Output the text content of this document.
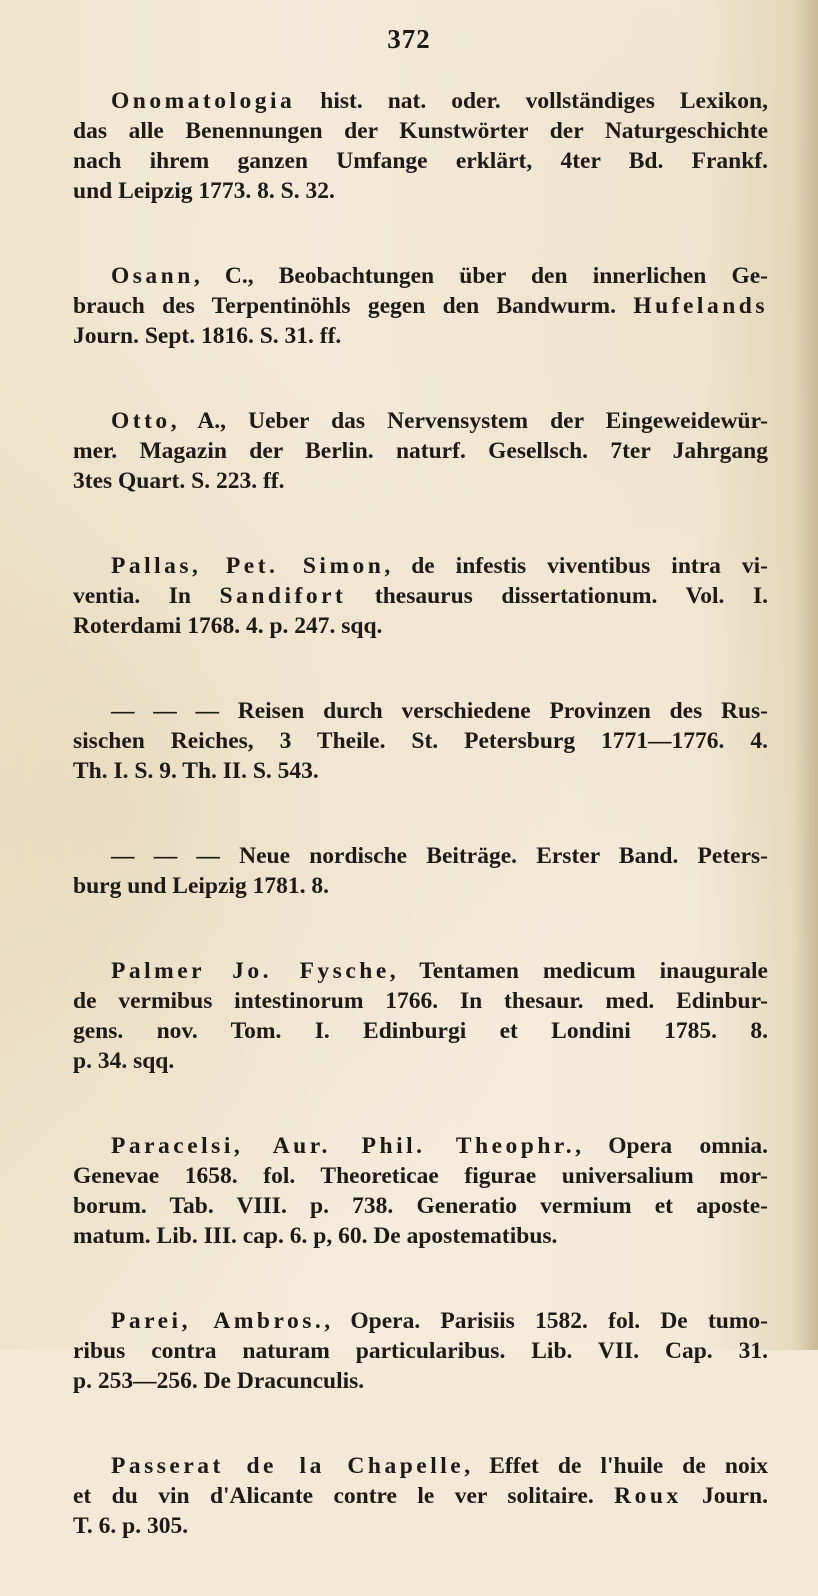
372
Onomatologia hist. nat. oder. vollständiges Lexikon,
das alle Benennungen der Kunstwörter der Naturgeschichte
nach ihrem ganzen Umfange erklärt, 4ter Bd. Frankf.
und Leipzig 1773. 8. S. 32.
Osann, C., Beobachtungen über den innerlichen Ge-
brauch des Terpentinöhls gegen den Bandwurm. Hufelands
Journ. Sept. 1816. S. 31. ff.
Otto, A., Ueber das Nervensystem der Eingeweidewür-
mer. Magazin der Berlin. naturf. Gesellsch. 7ter Jahrgang
3tes Quart. S. 223. ff.
Pallas, Pet. Simon, de infestis viventibus intra vi-
ventia. In Sandifort thesaurus dissertationum. Vol. I.
Roterdami 1768. 4. p. 247. sqq.
— — — Reisen durch verschiedene Provinzen des Rus-
sischen Reiches, 3 Theile. St. Petersburg 1771—1776. 4.
Th. I. S. 9. Th. II. S. 543.
— — — Neue nordische Beiträge. Erster Band. Peters-
burg und Leipzig 1781. 8.
Palmer Jo. Fysche, Tentamen medicum inaugurale
de vermibus intestinorum 1766. In thesaur. med. Edinbur-
gens. nov. Tom. I. Edinburgi et Londini 1785. 8.
p. 34. sqq.
Paracelsi, Aur. Phil. Theophr., Opera omnia.
Genevae 1658. fol. Theoreticae figurae universalium mor-
borum. Tab. VIII. p. 738. Generatio vermium et aposte-
matum. Lib. III. cap. 6. p, 60. De apostematibus.
Parei, Ambros., Opera. Parisiis 1582. fol. De tumo-
ribus contra naturam particularibus. Lib. VII. Cap. 31.
p. 253—256. De Dracunculis.
Passerat de la Chapelle, Effet de l'huile de noix
et du vin d'Alicante contre le ver solitaire. Roux Journ.
T. 6. p. 305.
